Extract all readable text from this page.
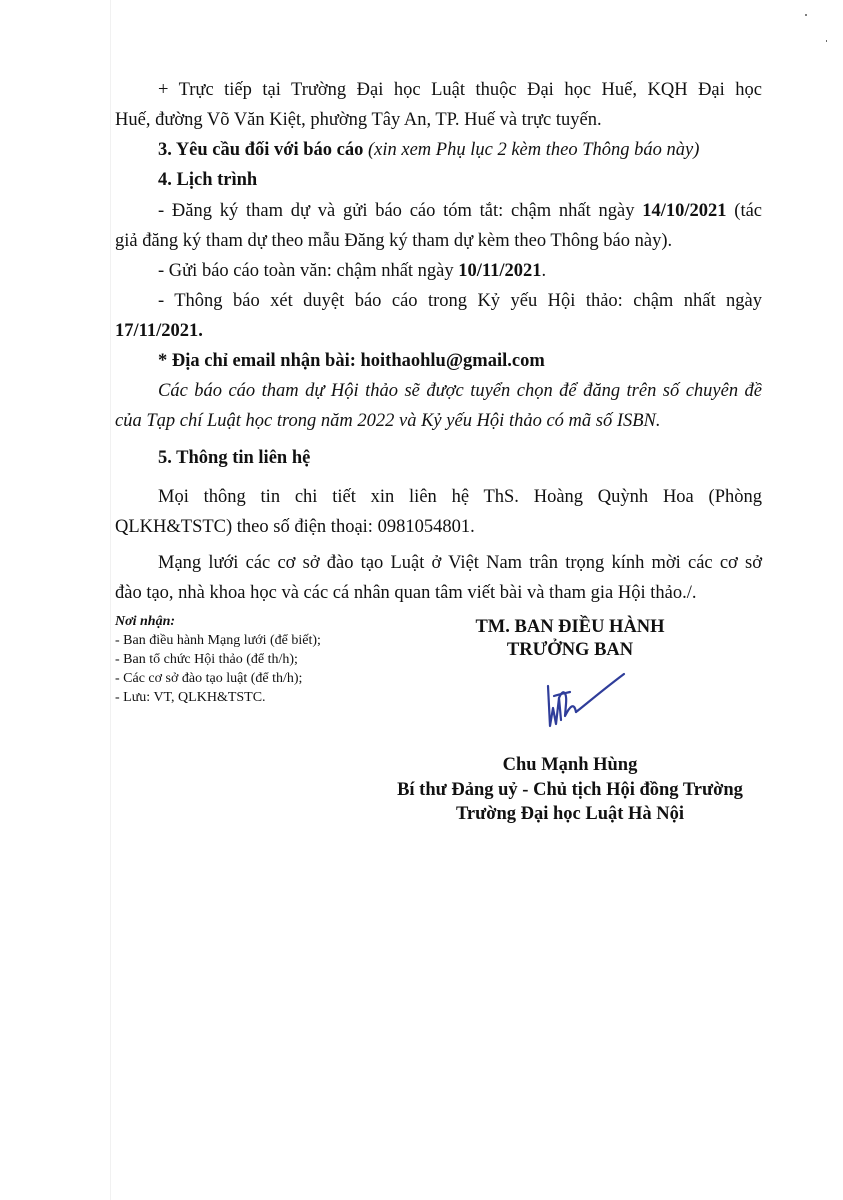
+ Trực tiếp tại Trường Đại học Luật thuộc Đại học Huế, KQH Đại học
Huế, đường Võ Văn Kiệt, phường Tây An, TP. Huế và trực tuyến.
3. Yêu cầu đối với báo cáo (xin xem Phụ lục 2 kèm theo Thông báo này)
4. Lịch trình
- Đăng ký tham dự và gửi báo cáo tóm tắt: chậm nhất ngày 14/10/2021 (tác
giả đăng ký tham dự theo mẫu Đăng ký tham dự kèm theo Thông báo này).
- Gửi báo cáo toàn văn: chậm nhất ngày 10/11/2021.
- Thông báo xét duyệt báo cáo trong Kỷ yếu Hội thảo: chậm nhất ngày
17/11/2021.
* Địa chỉ email nhận bài: hoithaohlu@gmail.com
Các báo cáo tham dự Hội thảo sẽ được tuyển chọn để đăng trên số chuyên đề
của Tạp chí Luật học trong năm 2022 và Kỷ yếu Hội thảo có mã số ISBN.
5. Thông tin liên hệ
Mọi thông tin chi tiết xin liên hệ ThS. Hoàng Quỳnh Hoa (Phòng
QLKH&TSTC) theo số điện thoại: 0981054801.
Mạng lưới các cơ sở đào tạo Luật ở Việt Nam trân trọng kính mời các cơ sở
đào tạo, nhà khoa học và các cá nhân quan tâm viết bài và tham gia Hội thảo./.
Nơi nhận:
- Ban điều hành Mạng lưới (để biết);
- Ban tổ chức Hội thảo (để th/h);
- Các cơ sở đào tạo luật (để th/h);
- Lưu: VT, QLKH&TSTC.
TM. BAN ĐIỀU HÀNH
TRƯỞNG BAN
Chu Mạnh Hùng
Bí thư Đảng uỷ - Chủ tịch Hội đồng Trường
Trường Đại học Luật Hà Nội
